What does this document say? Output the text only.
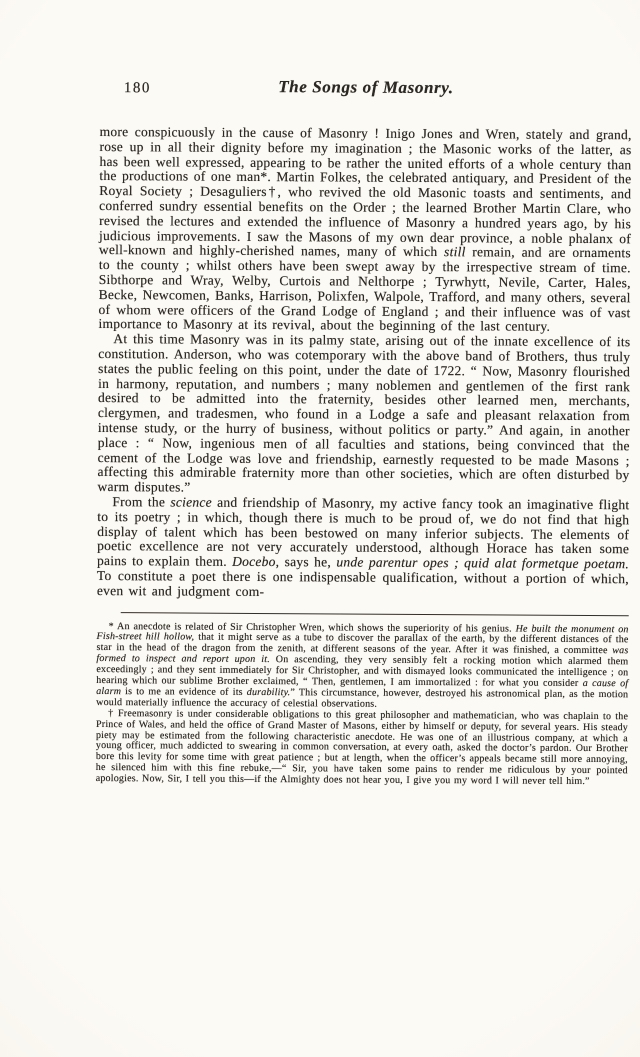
180	The Songs of Masonry.

more conspicuously in the cause of Masonry ! Inigo Jones and Wren, stately and grand, rose up in all their dignity before my imagination ; the Masonic works of the latter, as has been well expressed, appearing to be rather the united efforts of a whole century than the productions of one man*. Martin Folkes, the celebrated antiquary, and President of the Royal Society ; Desaguliers†, who revived the old Masonic toasts and sentiments, and conferred sundry essential benefits on the Order ; the learned Brother Martin Clare, who revised the lectures and extended the influence of Masonry a hundred years ago, by his judicious improvements. I saw the Masons of my own dear province, a noble phalanx of well-known and highly-cherished names, many of which still remain, and are ornaments to the county ; whilst others have been swept away by the irrespective stream of time. Sibthorpe and Wray, Welby, Curtois and Nelthorpe ; Tyrwhytt, Nevile, Carter, Hales, Becke, Newcomen, Banks, Harrison, Polixfen, Walpole, Trafford, and many others, several of whom were officers of the Grand Lodge of England ; and their influence was of vast importance to Masonry at its revival, about the beginning of the last century.

At this time Masonry was in its palmy state, arising out of the innate excellence of its constitution. Anderson, who was cotemporary with the above band of Brothers, thus truly states the public feeling on this point, under the date of 1722. “ Now, Masonry flourished in harmony, reputation, and numbers ; many noblemen and gentlemen of the first rank desired to be admitted into the fraternity, besides other learned men, merchants, clergymen, and tradesmen, who found in a Lodge a safe and pleasant relaxation from intense study, or the hurry of business, without politics or party.” And again, in another place : “ Now, ingenious men of all faculties and stations, being convinced that the cement of the Lodge was love and friendship, earnestly requested to be made Masons ; affecting this admirable fraternity more than other societies, which are often disturbed by warm disputes.”

From the science and friendship of Masonry, my active fancy took an imaginative flight to its poetry ; in which, though there is much to be proud of, we do not find that high display of talent which has been bestowed on many inferior subjects. The elements of poetic excellence are not very accurately understood, although Horace has taken some pains to explain them. Docebo, says he, unde parentur opes ; quid alat formetque poetam. To constitute a poet there is one indispensable qualification, without a portion of which, even wit and judgment com-

* An anecdote is related of Sir Christopher Wren, which shows the superiority of his genius. He built the monument on Fish-street hill hollow, that it might serve as a tube to discover the parallax of the earth, by the different distances of the star in the head of the dragon from the zenith, at different seasons of the year. After it was finished, a committee was formed to inspect and report upon it. On ascending, they very sensibly felt a rocking motion which alarmed them exceedingly ; and they sent immediately for Sir Christopher, and with dismayed looks communicated the intelligence ; on hearing which our sublime Brother exclaimed, “ Then, gentlemen, I am immortalized : for what you consider a cause of alarm is to me an evidence of its durability.” This circumstance, however, destroyed his astronomical plan, as the motion would materially influence the accuracy of celestial observations.

† Freemasonry is under considerable obligations to this great philosopher and mathematician, who was chaplain to the Prince of Wales, and held the office of Grand Master of Masons, either by himself or deputy, for several years. His steady piety may be estimated from the following characteristic anecdote. He was one of an illustrious company, at which a young officer, much addicted to swearing in common conversation, at every oath, asked the doctor’s pardon. Our Brother bore this levity for some time with great patience ; but at length, when the officer’s appeals became still more annoying, he silenced him with this fine rebuke,—“ Sir, you have taken some pains to render me ridiculous by your pointed apologies. Now, Sir, I tell you this—if the Almighty does not hear you, I give you my word I will never tell him.”
